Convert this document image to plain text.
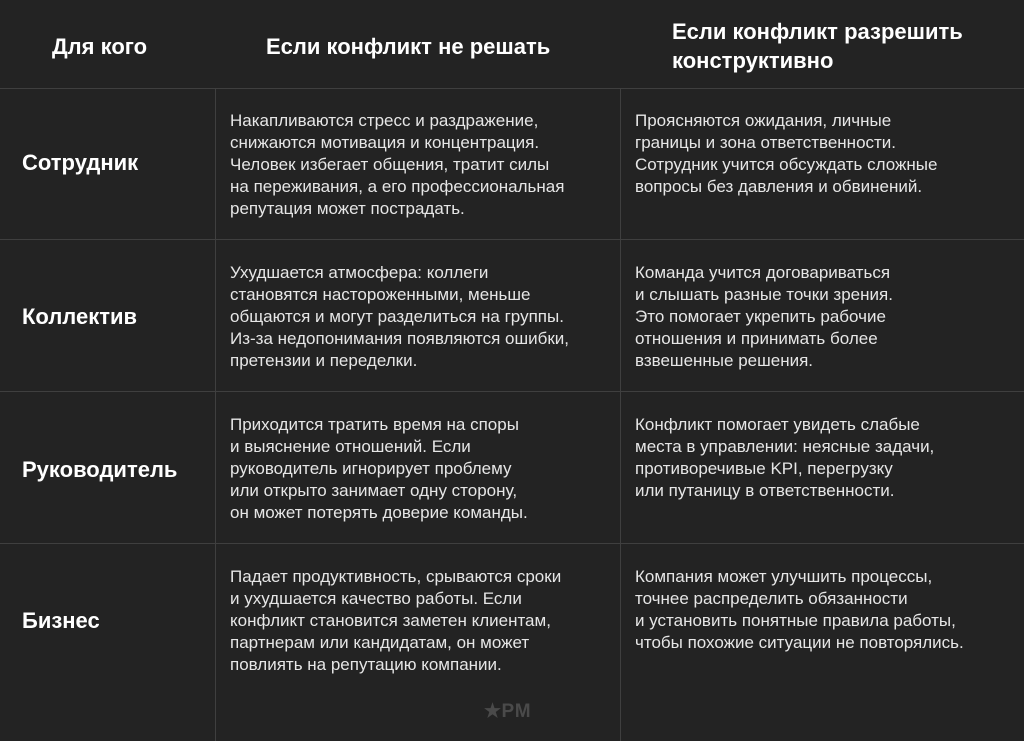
Для кого	Если конфликт не решать
Если конфликт разрешить
конструктивно
Сотрудник
Накапливаются стресс и раздражение,
снижаются мотивация и концентрация.
Человек избегает общения, тратит силы
на переживания, а его профессиональная
репутация может пострадать.
Проясняются ожидания, личные
границы и зона ответственности.
Сотрудник учится обсуждать сложные
вопросы без давления и обвинений.
Коллектив
Ухудшается атмосфера: коллеги
становятся настороженными, меньше
общаются и могут разделиться на группы.
Из-за недопонимания появляются ошибки,
претензии и переделки.
Команда учится договариваться
и слышать разные точки зрения.
Это помогает укрепить рабочие
отношения и принимать более
взвешенные решения.
Руководитель
Приходится тратить время на споры
и выяснение отношений. Если
руководитель игнорирует проблему
или открыто занимает одну сторону,
он может потерять доверие команды.
Конфликт помогает увидеть слабые
места в управлении: неясные задачи,
противоречивые KPI, перегрузку
или путаницу в ответственности.
Бизнес
Падает продуктивность, срываются сроки
и ухудшается качество работы. Если
конфликт становится заметен клиентам,
партнерам или кандидатам, он может
повлиять на репутацию компании.
Компания может улучшить процессы,
точнее распределить обязанности
и установить понятные правила работы,
чтобы похожие ситуации не повторялись.
★PM
